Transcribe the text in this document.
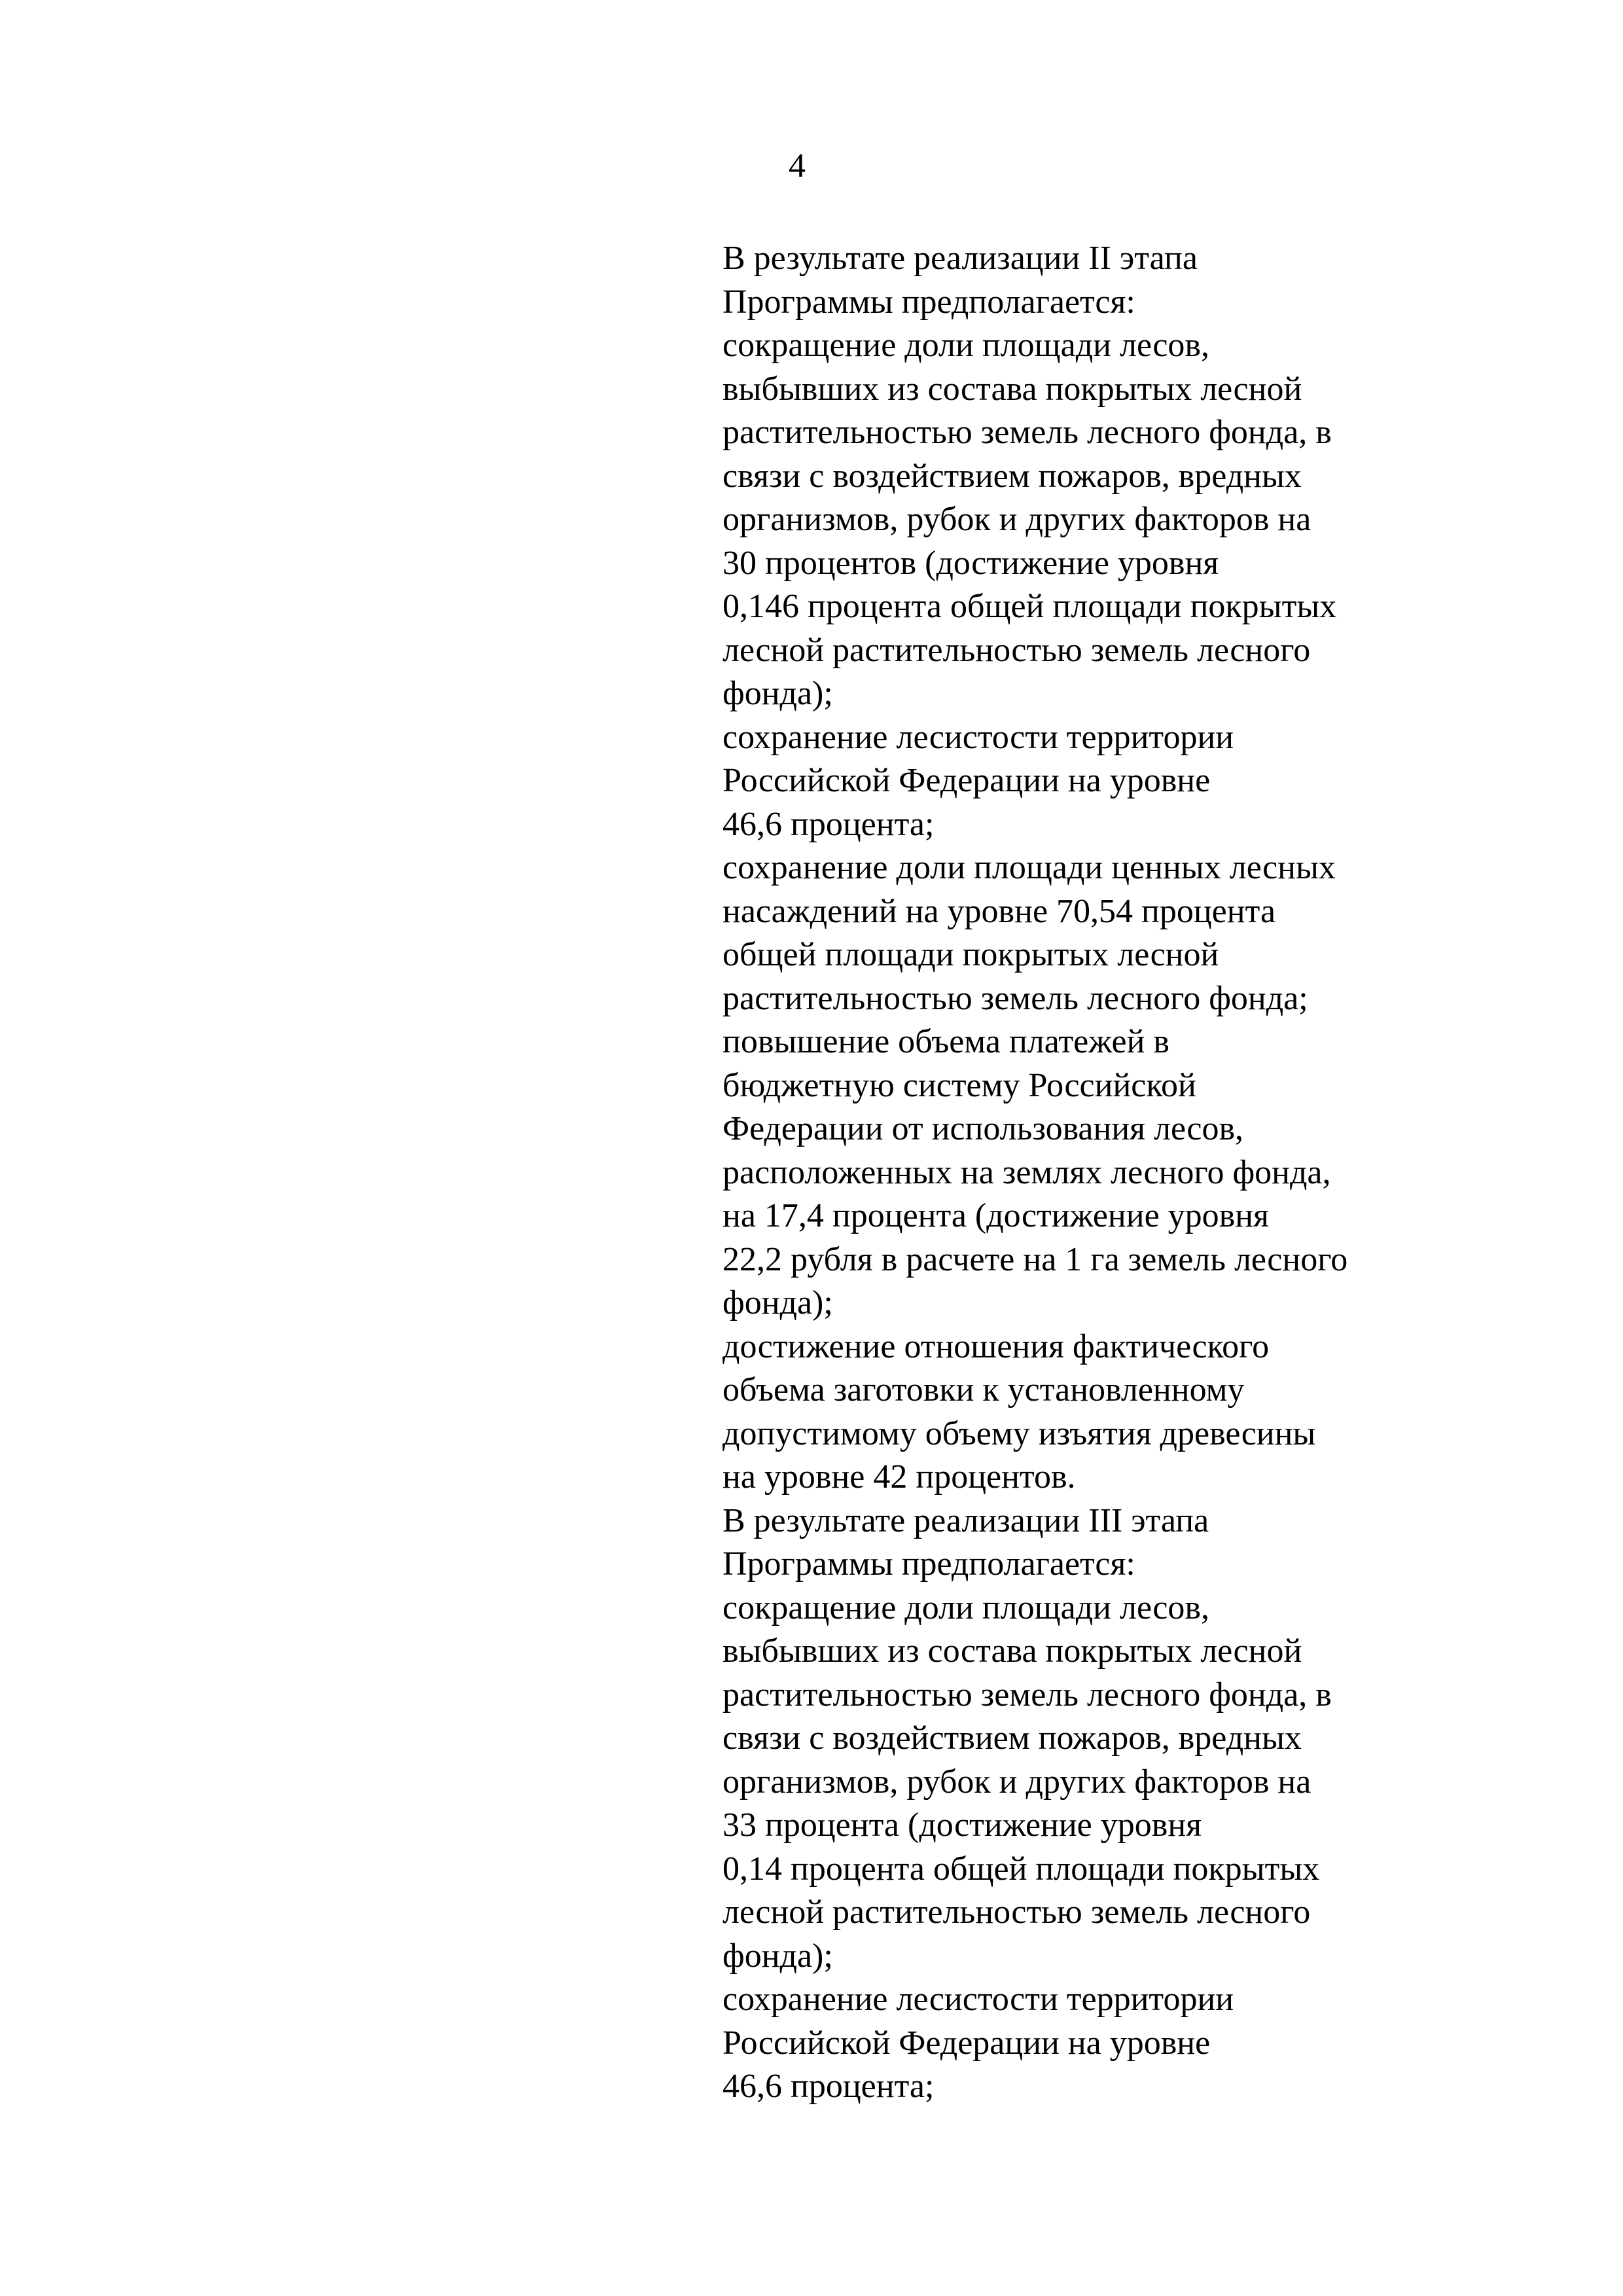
4

В результате реализации II этапа
Программы предполагается:
сокращение доли площади лесов,
выбывших из состава покрытых лесной
растительностью земель лесного фонда, в
связи с воздействием пожаров, вредных
организмов, рубок и других факторов на
30 процентов (достижение уровня
0,146 процента общей площади покрытых
лесной растительностью земель лесного
фонда);
сохранение лесистости территории
Российской Федерации на уровне
46,6 процента;
сохранение доли площади ценных лесных
насаждений на уровне 70,54 процента
общей площади покрытых лесной
растительностью земель лесного фонда;
повышение объема платежей в
бюджетную систему Российской
Федерации от использования лесов,
расположенных на землях лесного фонда,
на 17,4 процента (достижение уровня
22,2 рубля в расчете на 1 га земель лесного
фонда);
достижение отношения фактического
объема заготовки к установленному
допустимому объему изъятия древесины
на уровне 42 процентов.
В результате реализации III этапа
Программы предполагается:
сокращение доли площади лесов,
выбывших из состава покрытых лесной
растительностью земель лесного фонда, в
связи с воздействием пожаров, вредных
организмов, рубок и других факторов на
33 процента (достижение уровня
0,14 процента общей площади покрытых
лесной растительностью земель лесного
фонда);
сохранение лесистости территории
Российской Федерации на уровне
46,6 процента;
